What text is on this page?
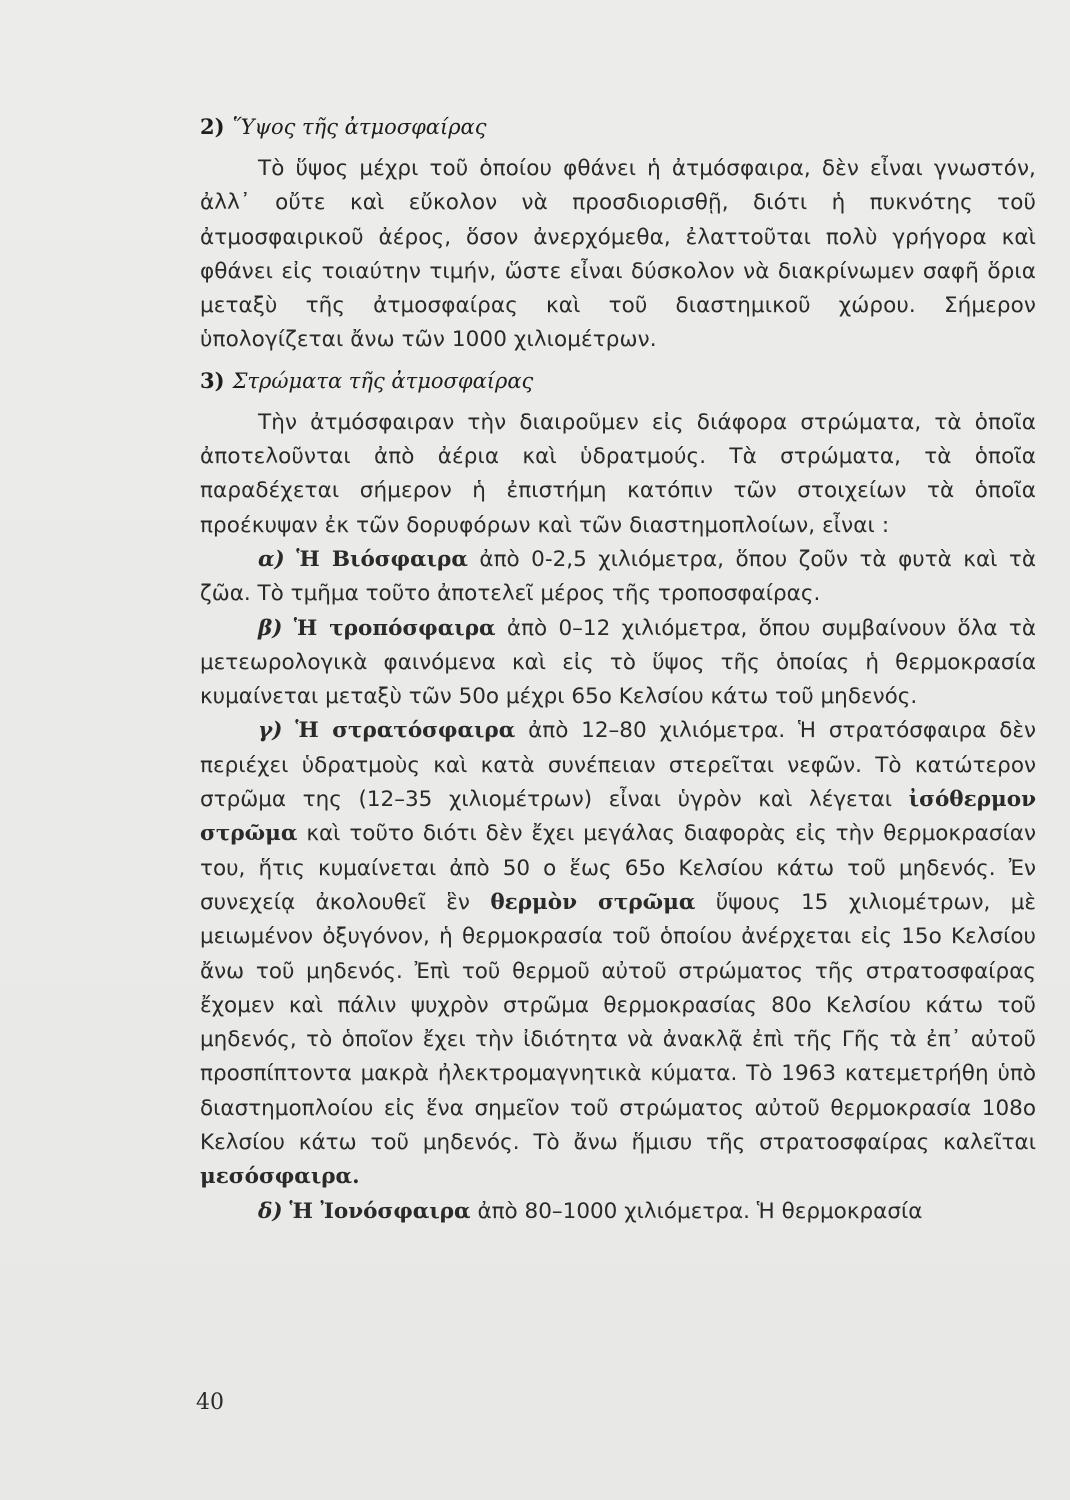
2) Ὕψος τῆς ἀτμοσφαίρας

Τὸ ὕψος μέχρι τοῦ ὁποίου φθάνει ἡ ἀτμόσφαιρα, δὲν εἶναι γνωστόν, ἀλλ᾽ οὔτε καὶ εὔκολον νὰ προσδιορισθῇ, διότι ἡ πυκνότης τοῦ ἀτμοσφαιρικοῦ ἀέρος, ὅσον ἀνερχόμεθα, ἐλαττοῦται πολὺ γρήγορα καὶ φθάνει εἰς τοιαύτην τιμήν, ὥστε εἶναι δύσκολον νὰ διακρίνωμεν σαφῆ ὅρια μεταξὺ τῆς ἀτμοσφαίρας καὶ τοῦ διαστημικοῦ χώρου. Σήμερον ὑπολογίζεται ἄνω τῶν 1000 χιλιομέτρων.

3) Στρώματα τῆς ἀτμοσφαίρας

Τὴν ἀτμόσφαιραν τὴν διαιροῦμεν εἰς διάφορα στρώματα, τὰ ὁποῖα ἀποτελοῦνται ἀπὸ ἀέρια καὶ ὑδρατμούς. Τὰ στρώματα, τὰ ὁποῖα παραδέχεται σήμερον ἡ ἐπιστήμη κατόπιν τῶν στοιχείων τὰ ὁποῖα προέκυψαν ἐκ τῶν δορυφόρων καὶ τῶν διαστημοπλοίων, εἶναι :

α) Ἡ Βιόσφαιρα ἀπὸ 0-2,5 χιλιόμετρα, ὅπου ζοῦν τὰ φυτὰ καὶ τὰ ζῶα. Τὸ τμῆμα τοῦτο ἀποτελεῖ μέρος τῆς τροποσφαίρας.

β) Ἡ τροπόσφαιρα ἀπὸ 0–12 χιλιόμετρα, ὅπου συμβαίνουν ὅλα τὰ μετεωρολογικὰ φαινόμενα καὶ εἰς τὸ ὕψος τῆς ὁποίας ἡ θερμοκρασία κυμαίνεται μεταξὺ τῶν 50ο μέχρι 65ο Κελσίου κάτω τοῦ μηδενός.

γ) Ἡ στρατόσφαιρα ἀπὸ 12–80 χιλιόμετρα. Ἡ στρατόσφαιρα δὲν περιέχει ὑδρατμοὺς καὶ κατὰ συνέπειαν στερεῖται νεφῶν. Τὸ κατώτερον στρῶμα της (12–35 χιλιομέτρων) εἶναι ὑγρὸν καὶ λέγεται ἰσόθερμον στρῶμα καὶ τοῦτο διότι δὲν ἔχει μεγάλας διαφορὰς εἰς τὴν θερμοκρασίαν του, ἥτις κυμαίνεται ἀπὸ 50 ο ἕως 65ο Κελσίου κάτω τοῦ μηδενός. Ἐν συνεχείᾳ ἀκολουθεῖ ἓν θερμὸν στρῶμα ὕψους 15 χιλιομέτρων, μὲ μειωμένον ὀξυγόνον, ἡ θερμοκρασία τοῦ ὁποίου ἀνέρχεται εἰς 15ο Κελσίου ἄνω τοῦ μηδενός. Ἐπὶ τοῦ θερμοῦ αὐτοῦ στρώματος τῆς στρατοσφαίρας ἔχομεν καὶ πάλιν ψυχρὸν στρῶμα θερμοκρασίας 80ο Κελσίου κάτω τοῦ μηδενός, τὸ ὁποῖον ἔχει τὴν ἰδιότητα νὰ ἀνακλᾷ ἐπὶ τῆς Γῆς τὰ ἐπ᾽ αὐτοῦ προσπίπτοντα μακρὰ ἠλεκτρομαγνητικὰ κύματα. Τὸ 1963 κατεμετρήθη ὑπὸ διαστημοπλοίου εἰς ἕνα σημεῖον τοῦ στρώματος αὐτοῦ θερμοκρασία 108ο Κελσίου κάτω τοῦ μηδενός. Τὸ ἄνω ἥμισυ τῆς στρατοσφαίρας καλεῖται μεσόσφαιρα.

δ) Ἡ Ἰονόσφαιρα ἀπὸ 80–1000 χιλιόμετρα. Ἡ θερμοκρασία

40
